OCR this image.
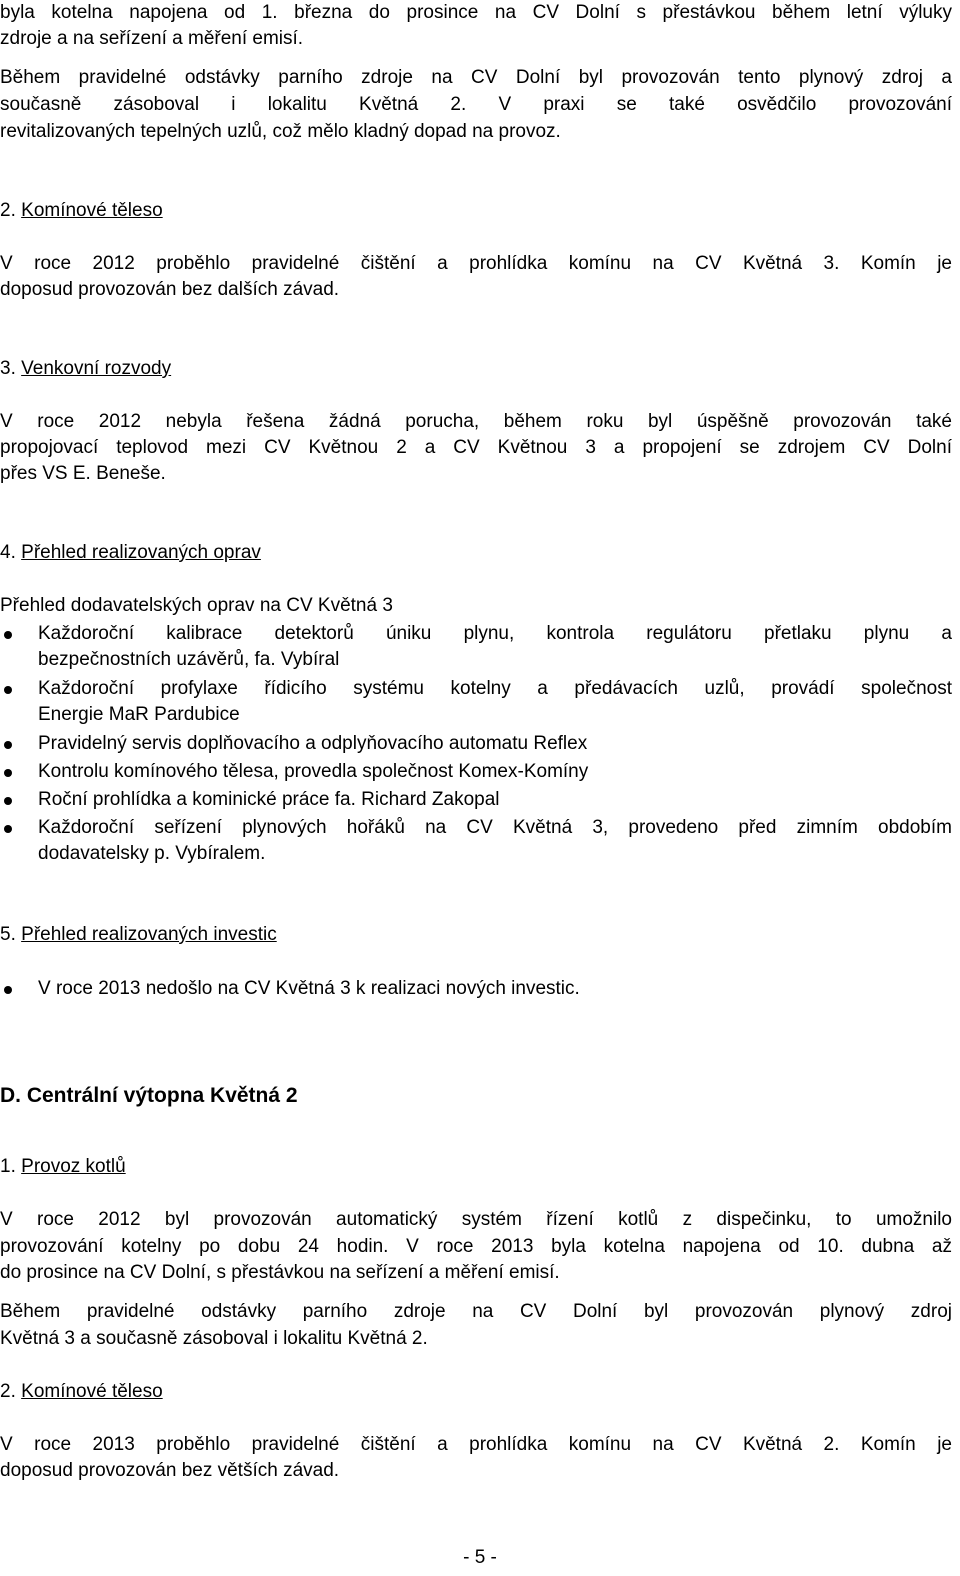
byla kotelna napojena od 1. března do prosince na CV Dolní s přestávkou během letní výluky
zdroje a na seřízení a měření emisí.
Během pravidelné odstávky parního zdroje na CV Dolní byl provozován tento plynový zdroj a
současně zásoboval i lokalitu Květná 2. V praxi se také osvědčilo provozování
revitalizovaných tepelných uzlů, což mělo kladný dopad na provoz.
2. Komínové těleso
V roce 2012 proběhlo pravidelné čištění a prohlídka komínu na CV Květná 3. Komín je
doposud provozován bez dalších závad.
3. Venkovní rozvody
V roce 2012 nebyla řešena žádná porucha, během roku byl úspěšně provozován také
propojovací teplovod mezi CV Květnou 2 a CV Květnou 3 a propojení se zdrojem CV Dolní
přes VS E. Beneše.
4. Přehled realizovaných oprav
Přehled dodavatelských oprav na CV Květná 3
Každoroční kalibrace detektorů úniku plynu, kontrola regulátoru přetlaku plynu a
bezpečnostních uzávěrů, fa. Vybíral
Každoroční profylaxe řídicího systému kotelny a předávacích uzlů, provádí společnost
Energie MaR Pardubice
Pravidelný servis doplňovacího a odplyňovacího automatu Reflex
Kontrolu komínového tělesa, provedla společnost Komex-Komíny
Roční prohlídka a kominické práce fa. Richard Zakopal
Každoroční seřízení plynových hořáků na CV Květná 3, provedeno před zimním obdobím
dodavatelsky p. Vybíralem.
5. Přehled realizovaných investic
V roce 2013 nedošlo na CV Květná 3 k realizaci nových investic.
D. Centrální výtopna Květná 2
1. Provoz kotlů
V roce 2012 byl provozován automatický systém řízení kotlů z dispečinku, to umožnilo
provozování kotelny po dobu 24 hodin. V roce 2013 byla kotelna napojena od 10. dubna až
do prosince na CV Dolní, s přestávkou na seřízení a měření emisí.
Během pravidelné odstávky parního zdroje na CV Dolní byl provozován plynový zdroj
Květná 3 a současně zásoboval i lokalitu Květná 2.
2. Komínové těleso
V roce 2013 proběhlo pravidelné čištění a prohlídka komínu na CV Květná 2. Komín je
doposud provozován bez větších závad.
- 5 -
